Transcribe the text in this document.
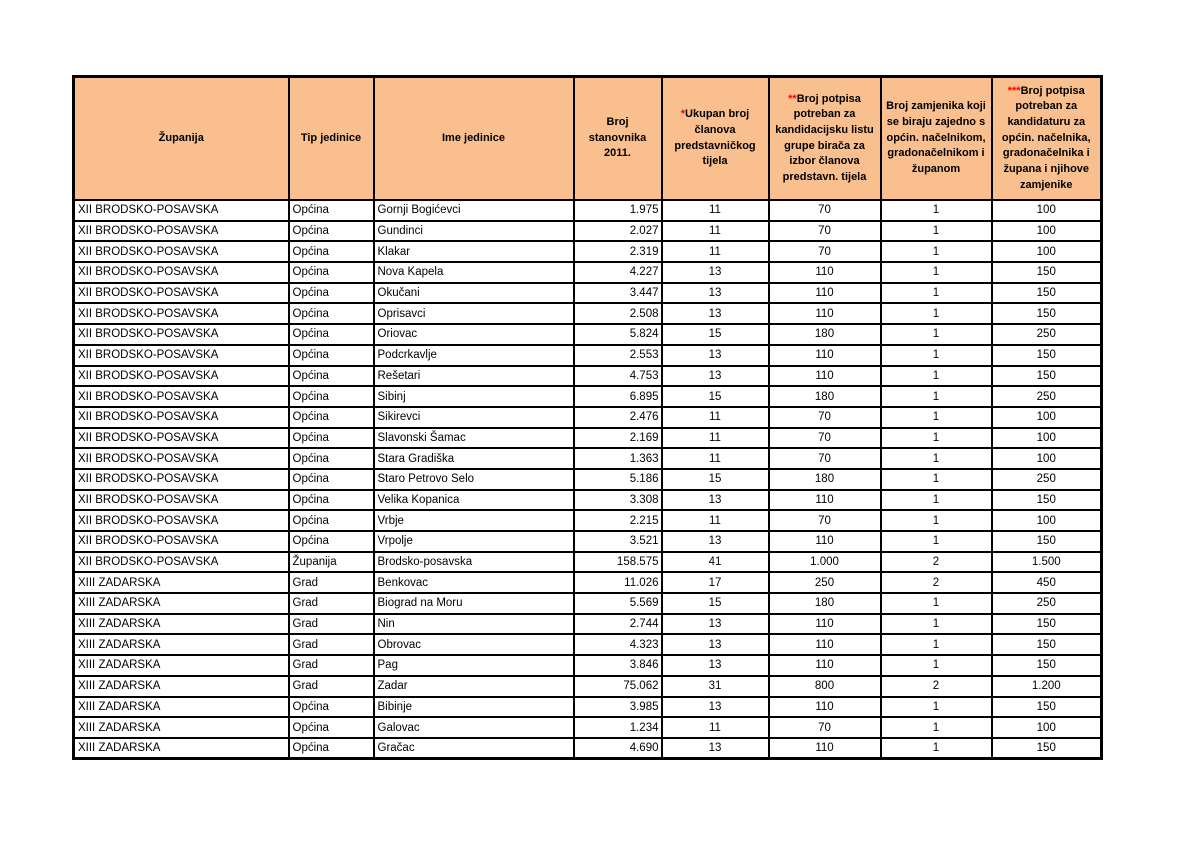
Županija	Tip jedinice	Ime jedinice	Broj stanovnika 2011.	*Ukupan broj članova predstavničkog tijela	**Broj potpisa potreban za kandidacijsku listu grupe birača za izbor članova predstavn. tijela	Broj zamjenika koji se biraju zajedno s općin. načelnikom, gradonačelnikom i županom	***Broj potpisa potreban za kandidaturu za općin. načelnika, gradonačelnika i župana i njihove zamjenike
XII BRODSKO-POSAVSKA	Općina	Gornji Bogićevci	1.975	11	70	1	100
XII BRODSKO-POSAVSKA	Općina	Gundinci	2.027	11	70	1	100
XII BRODSKO-POSAVSKA	Općina	Klakar	2.319	11	70	1	100
XII BRODSKO-POSAVSKA	Općina	Nova Kapela	4.227	13	110	1	150
XII BRODSKO-POSAVSKA	Općina	Okučani	3.447	13	110	1	150
XII BRODSKO-POSAVSKA	Općina	Oprisavci	2.508	13	110	1	150
XII BRODSKO-POSAVSKA	Općina	Oriovac	5.824	15	180	1	250
XII BRODSKO-POSAVSKA	Općina	Podcrkavlje	2.553	13	110	1	150
XII BRODSKO-POSAVSKA	Općina	Rešetari	4.753	13	110	1	150
XII BRODSKO-POSAVSKA	Općina	Sibinj	6.895	15	180	1	250
XII BRODSKO-POSAVSKA	Općina	Sikirevci	2.476	11	70	1	100
XII BRODSKO-POSAVSKA	Općina	Slavonski Šamac	2.169	11	70	1	100
XII BRODSKO-POSAVSKA	Općina	Stara Gradiška	1.363	11	70	1	100
XII BRODSKO-POSAVSKA	Općina	Staro Petrovo Selo	5.186	15	180	1	250
XII BRODSKO-POSAVSKA	Općina	Velika Kopanica	3.308	13	110	1	150
XII BRODSKO-POSAVSKA	Općina	Vrbje	2.215	11	70	1	100
XII BRODSKO-POSAVSKA	Općina	Vrpolje	3.521	13	110	1	150
XII BRODSKO-POSAVSKA	Županija	Brodsko-posavska	158.575	41	1.000	2	1.500
XIII ZADARSKA	Grad	Benkovac	11.026	17	250	2	450
XIII ZADARSKA	Grad	Biograd na Moru	5.569	15	180	1	250
XIII ZADARSKA	Grad	Nin	2.744	13	110	1	150
XIII ZADARSKA	Grad	Obrovac	4.323	13	110	1	150
XIII ZADARSKA	Grad	Pag	3.846	13	110	1	150
XIII ZADARSKA	Grad	Zadar	75.062	31	800	2	1.200
XIII ZADARSKA	Općina	Bibinje	3.985	13	110	1	150
XIII ZADARSKA	Općina	Galovac	1.234	11	70	1	100
XIII ZADARSKA	Općina	Gračac	4.690	13	110	1	150
